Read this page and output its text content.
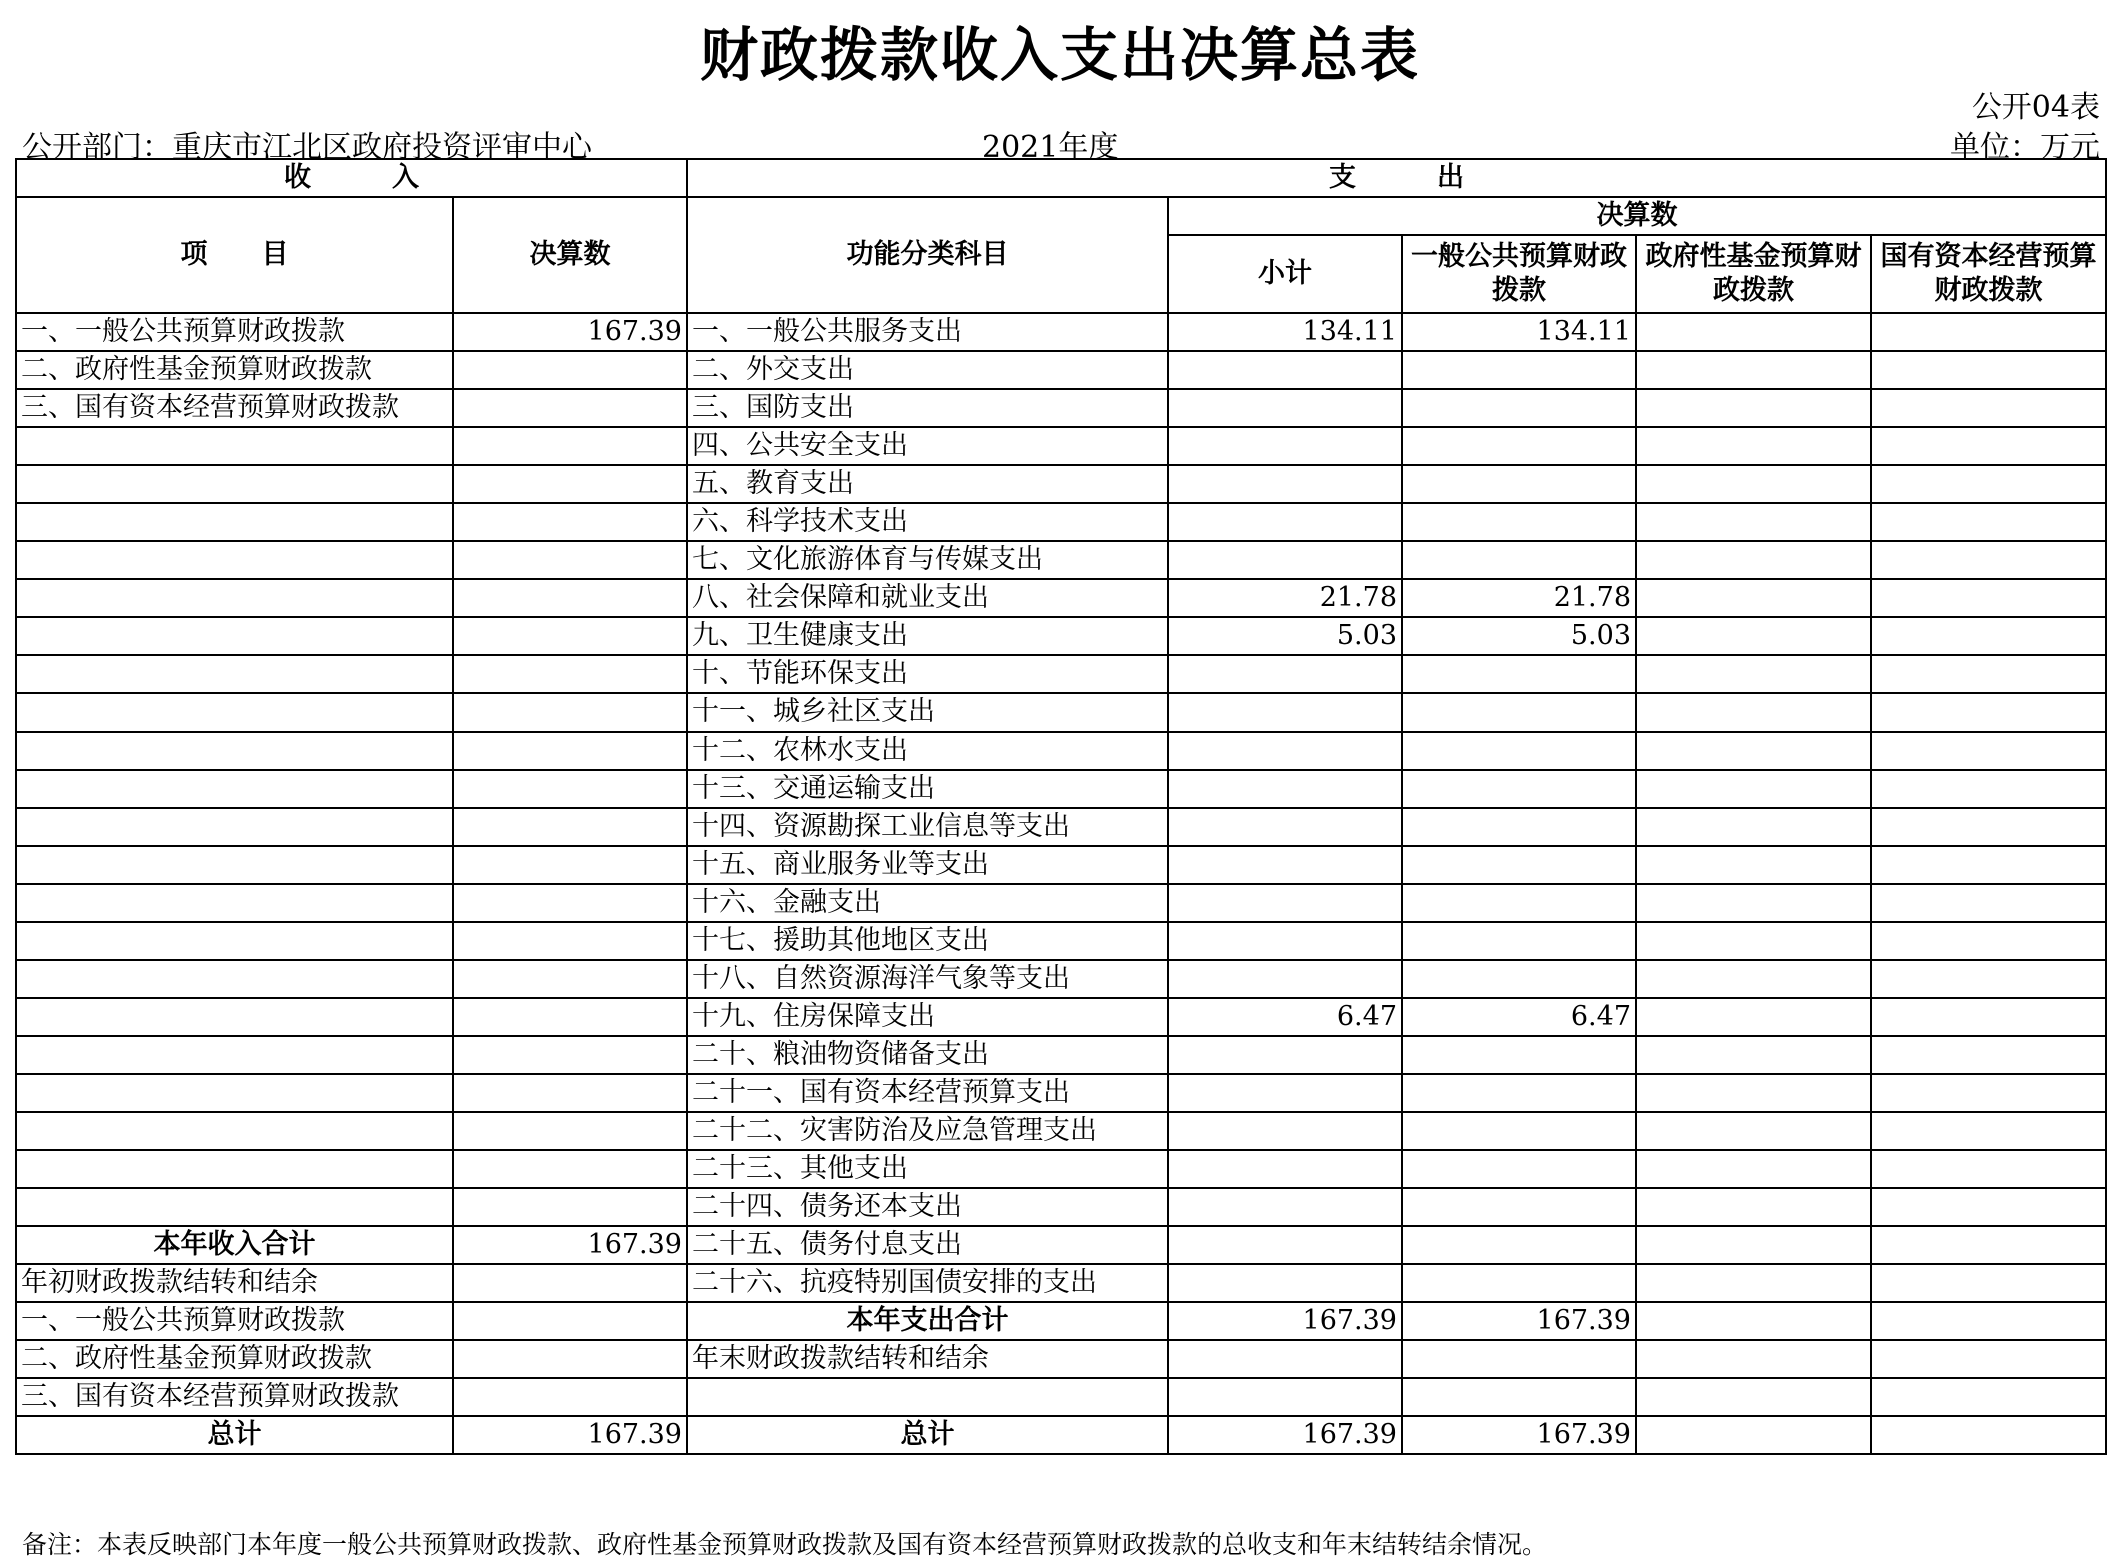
财政拨款收入支出决算总表
公开04表
公开部门：重庆市江北区政府投资评审中心	2021年度	单位：万元
收　　　入		支　　　出				
项　　目	决算数	功能分类科目	决算数			
			小计	一般公共预算财政拨款	政府性基金预算财政拨款	国有资本经营预算财政拨款
一、一般公共预算财政拨款	167.39	一、一般公共服务支出	134.11	134.11		
二、政府性基金预算财政拨款		二、外交支出				
三、国有资本经营预算财政拨款		三、国防支出				
		四、公共安全支出				
		五、教育支出				
		六、科学技术支出				
		七、文化旅游体育与传媒支出				
		八、社会保障和就业支出	21.78	21.78		
		九、卫生健康支出	5.03	5.03		
		十、节能环保支出				
		十一、城乡社区支出				
		十二、农林水支出				
		十三、交通运输支出				
		十四、资源勘探工业信息等支出				
		十五、商业服务业等支出				
		十六、金融支出				
		十七、援助其他地区支出				
		十八、自然资源海洋气象等支出				
		十九、住房保障支出	6.47	6.47		
		二十、粮油物资储备支出				
		二十一、国有资本经营预算支出				
		二十二、灾害防治及应急管理支出				
		二十三、其他支出				
		二十四、债务还本支出				
本年收入合计	167.39	二十五、债务付息支出				
年初财政拨款结转和结余		二十六、抗疫特别国债安排的支出				
一、一般公共预算财政拨款		本年支出合计	167.39	167.39		
二、政府性基金预算财政拨款		年末财政拨款结转和结余				
三、国有资本经营预算财政拨款						
总计	167.39	总计	167.39	167.39		
备注：本表反映部门本年度一般公共预算财政拨款、政府性基金预算财政拨款及国有资本经营预算财政拨款的总收支和年末结转结余情况。
